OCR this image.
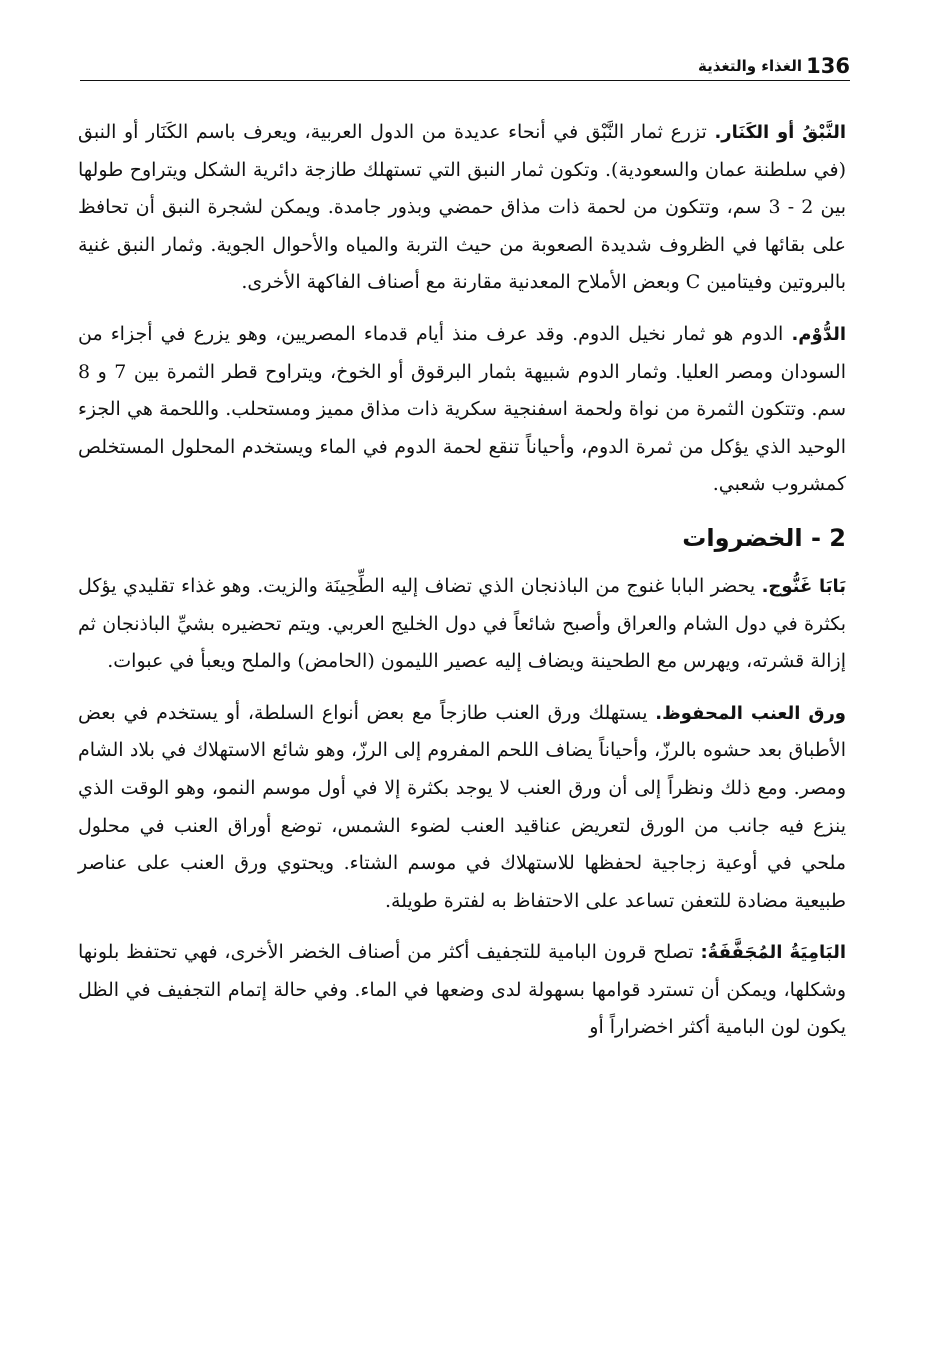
136
الغذاء والتغذية

النَّبْقُ أو الكَنَار. تزرع ثمار النَّبْق في أنحاء عديدة من الدول العربية، ويعرف باسم الكَنَار أو النبق (في سلطنة عمان والسعودية). وتكون ثمار النبق التي تستهلك طازجة دائرية الشكل ويتراوح طولها بين 2 - 3 سم، وتتكون من لحمة ذات مذاق حمضي وبذور جامدة. ويمكن لشجرة النبق أن تحافظ على بقائها في الظروف شديدة الصعوبة من حيث التربة والمياه والأحوال الجوية. وثمار النبق غنية بالبروتين وفيتامين C وبعض الأملاح المعدنية مقارنة مع أصناف الفاكهة الأخرى.

الدُّوْم. الدوم هو ثمار نخيل الدوم. وقد عرف منذ أيام قدماء المصريين، وهو يزرع في أجزاء من السودان ومصر العليا. وثمار الدوم شبيهة بثمار البرقوق أو الخوخ، ويتراوح قطر الثمرة بين 7 و 8 سم. وتتكون الثمرة من نواة ولحمة اسفنجية سكرية ذات مذاق مميز ومستحلب. واللحمة هي الجزء الوحيد الذي يؤكل من ثمرة الدوم، وأحياناً تنقع لحمة الدوم في الماء ويستخدم المحلول المستخلص كمشروب شعبي.

2 - الخضروات

بَابَا غَنُّوج. يحضر البابا غنوج من الباذنجان الذي تضاف إليه الطِّحِينَة والزيت. وهو غذاء تقليدي يؤكل بكثرة في دول الشام والعراق وأصبح شائعاً في دول الخليج العربي. ويتم تحضيره بشيِّ الباذنجان ثم إزالة قشرته، ويهرس مع الطحينة ويضاف إليه عصير الليمون (الحامض) والملح ويعبأ في عبوات.

ورق العنب المحفوظ. يستهلك ورق العنب طازجاً مع بعض أنواع السلطة، أو يستخدم في بعض الأطباق بعد حشوه بالرزّ، وأحياناً يضاف اللحم المفروم إلى الرزّ، وهو شائع الاستهلاك في بلاد الشام ومصر. ومع ذلك ونظراً إلى أن ورق العنب لا يوجد بكثرة إلا في أول موسم النمو، وهو الوقت الذي ينزع فيه جانب من الورق لتعريض عناقيد العنب لضوء الشمس، توضع أوراق العنب في محلول ملحي في أوعية زجاجية لحفظها للاستهلاك في موسم الشتاء. ويحتوي ورق العنب على عناصر طبيعية مضادة للتعفن تساعد على الاحتفاظ به لفترة طويلة.

البَامِيَةُ المُجَفَّفَةُ: تصلح قرون البامية للتجفيف أكثر من أصناف الخضر الأخرى، فهي تحتفظ بلونها وشكلها، ويمكن أن تسترد قوامها بسهولة لدى وضعها في الماء. وفي حالة إتمام التجفيف في الظل يكون لون البامية أكثر اخضراراً أو
